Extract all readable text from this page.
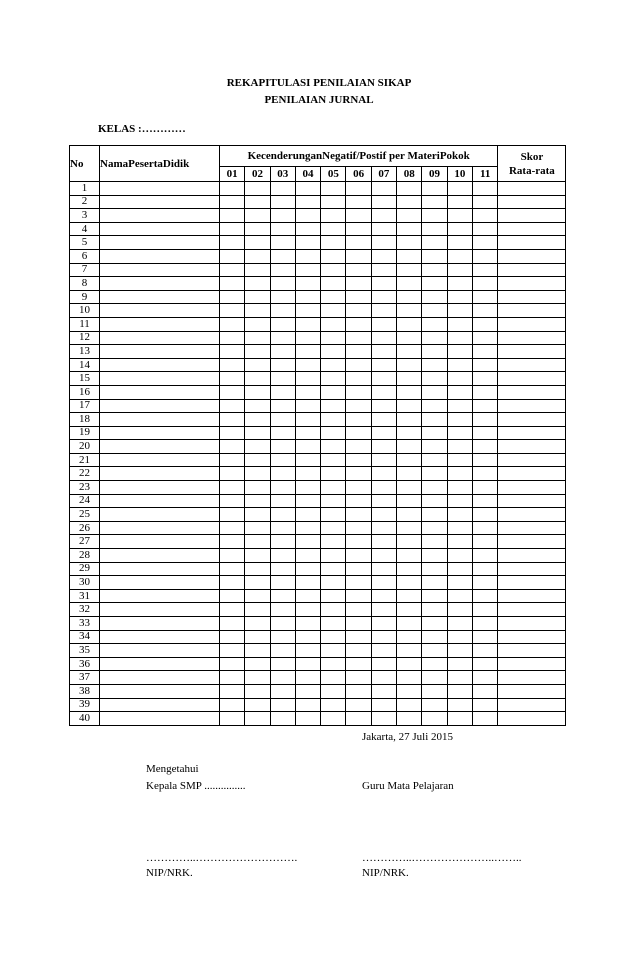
REKAPITULASI PENILAIAN SIKAP
PENILAIAN JURNAL
KELAS :…………
No	NamaPesertaDidik	KecenderunganNegatif/Postif per MateriPokok											Skor
Rata-rata

		01	02	03	04	05	06	07	08	09	10	11	
1													
2													
3													
4													
5													
6													
7													
8													
9													
10													
11													
12													
13													
14													
15													
16													
17													
18													
19													
20													
21													
22													
23													
24													
25													
26													
27													
28													
29													
30													
31													
32													
33													
34													
35													
36													
37													
38													
39													
40													
Jakarta, 27 Juli 2015
Mengetahui
Kepala SMP ...............	Guru Mata Pelajaran
…………..……………………….	…………..…………………..……..
NIP/NRK.	NIP/NRK.
